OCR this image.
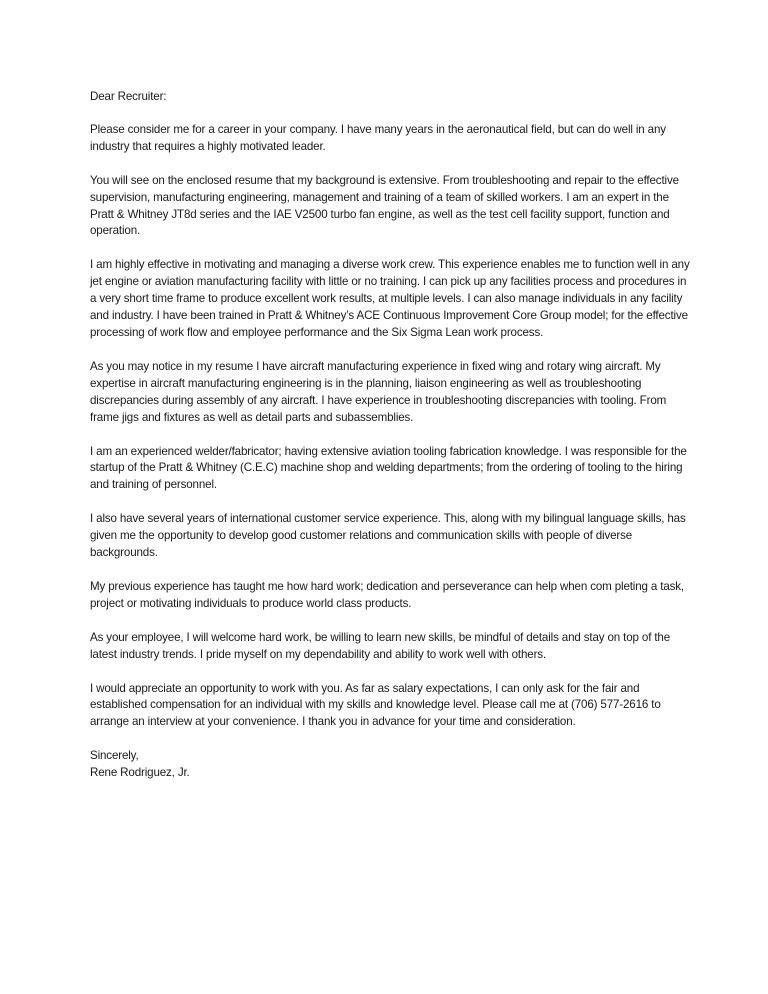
Dear Recruiter:

Please consider me for a career in your company. I have many years in the aeronautical field, but can do well in any industry that requires a highly motivated leader.

You will see on the enclosed resume that my background is extensive. From troubleshooting and repair to the effective supervision, manufacturing engineering, management and training of a team of skilled workers. I am an expert in the Pratt & Whitney JT8d series and the IAE V2500 turbo fan engine, as well as the test cell facility support, function and operation.

I am highly effective in motivating and managing a diverse work crew. This experience enables me to function well in any jet engine or aviation manufacturing facility with little or no training. I can pick up any facilities process and procedures in a very short time frame to produce excellent work results, at multiple levels. I can also manage individuals in any facility and industry. I have been trained in Pratt & Whitney’s ACE Continuous Improvement Core Group model; for the effective processing of work flow and employee performance and the Six Sigma Lean work process.

As you may notice in my resume I have aircraft manufacturing experience in fixed wing and rotary wing aircraft. My expertise in aircraft manufacturing engineering is in the planning, liaison engineering as well as troubleshooting discrepancies during assembly of any aircraft. I have experience in troubleshooting discrepancies with tooling. From frame jigs and fixtures as well as detail parts and subassemblies.

I am an experienced welder/fabricator; having extensive aviation tooling fabrication knowledge. I was responsible for the startup of the Pratt & Whitney (C.E.C) machine shop and welding departments; from the ordering of tooling to the hiring and training of personnel.

I also have several years of international customer service experience. This, along with my bilingual language skills, has given me the opportunity to develop good customer relations and communication skills with people of diverse backgrounds.

My previous experience has taught me how hard work; dedication and perseverance can help when com pleting a task, project or motivating individuals to produce world class products.

As your employee, I will welcome hard work, be willing to learn new skills, be mindful of details and stay on top of the latest industry trends. I pride myself on my dependability and ability to work well with others.

I would appreciate an opportunity to work with you. As far as salary expectations, I can only ask for the fair and established compensation for an individual with my skills and knowledge level. Please call me at (706) 577-2616 to arrange an interview at your convenience. I thank you in advance for your time and consideration.

Sincerely,

Rene Rodriguez, Jr.
